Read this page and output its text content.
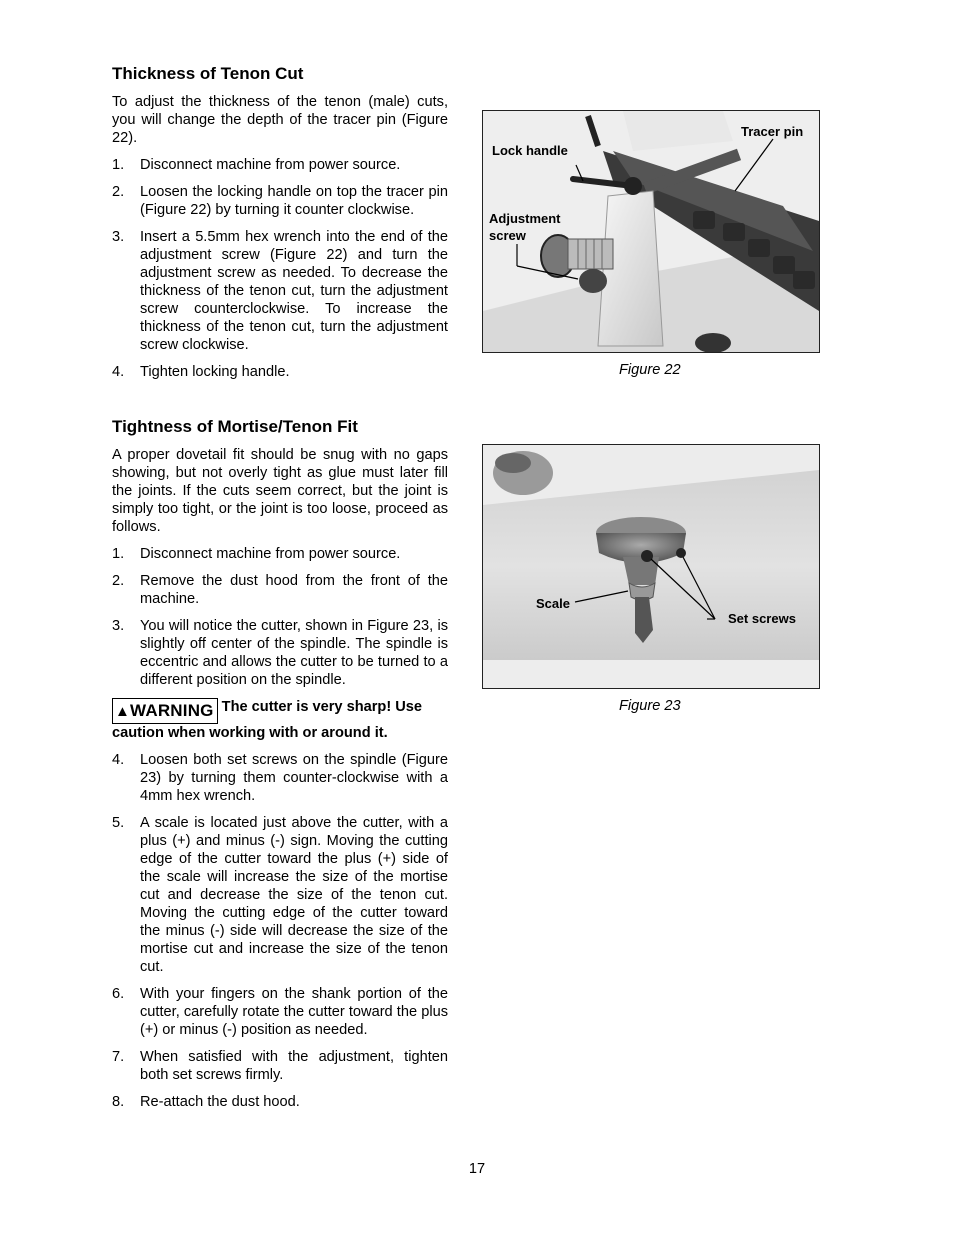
Thickness of Tenon Cut

To adjust the thickness of the tenon (male) cuts, you will change the depth of the tracer pin (Figure 22).

1. Disconnect machine from power source.
2. Loosen the locking handle on top the tracer pin (Figure 22) by turning it counter clockwise.
3. Insert a 5.5mm hex wrench into the end of the adjustment screw (Figure 22) and turn the adjustment screw as needed. To decrease the thickness of the tenon cut, turn the adjustment screw counterclockwise. To increase the thickness of the tenon cut, turn the adjustment screw clockwise.
4. Tighten locking handle.
Tightness of Mortise/Tenon Fit

A proper dovetail fit should be snug with no gaps showing, but not overly tight as glue must later fill the joints. If the cuts seem correct, but the joint is simply too tight, or the joint is too loose, proceed as follows.

1. Disconnect machine from power source.
2. Remove the dust hood from the front of the machine.
3. You will notice the cutter, shown in Figure 23, is slightly off center of the spindle. The spindle is eccentric and allows the cutter to be turned to a different position on the spindle.
▲WARNING The cutter is very sharp! Use caution when working with or around it.
4. Loosen both set screws on the spindle (Figure 23) by turning them counter-clockwise with a 4mm hex wrench.
5. A scale is located just above the cutter, with a plus (+) and minus (-) sign. Moving the cutting edge of the cutter toward the plus (+) side of the scale will increase the size of the mortise cut and decrease the size of the tenon cut. Moving the cutting edge of the cutter toward the minus (-) side will decrease the size of the mortise cut and increase the size of the tenon cut.
6. With your fingers on the shank portion of the cutter, carefully rotate the cutter toward the plus (+) or minus (-) position as needed.
7. When satisfied with the adjustment, tighten both set screws firmly.
8. Re-attach the dust hood.
Lock handle
Tracer pin
Adjustment
screw
Figure 22
Scale
Set screws
Figure 23
17
